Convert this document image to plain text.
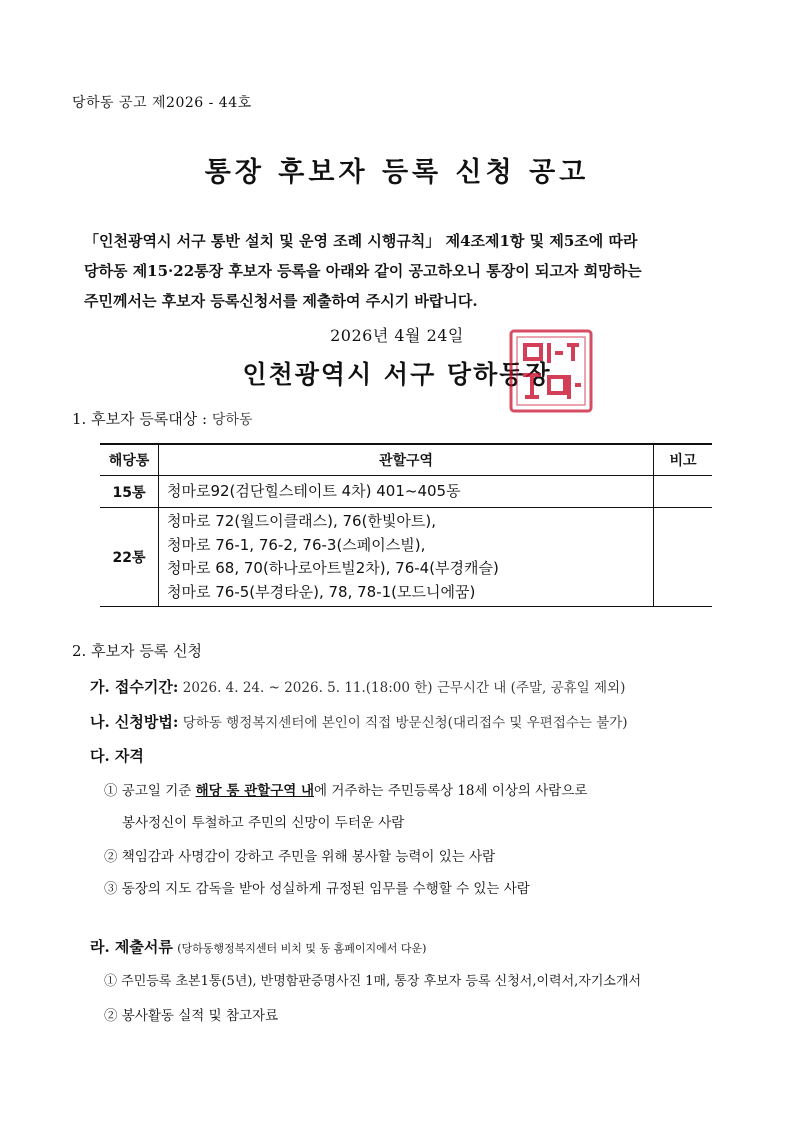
당하동 공고 제2026 - 44호
통장 후보자 등록 신청 공고
「인천광역시 서구 통반 설치 및 운영 조례 시행규칙」 제4조제1항 및 제5조에 따라
당하동 제15·22통장 후보자 등록을 아래와 같이 공고하오니 통장이 되고자 희망하는
주민께서는 후보자 등록신청서를 제출하여 주시기 바랍니다.
2026년 4월 24일
인천광역시 서구 당하동장
1. 후보자 등록대상 : 당하동
해당통	관할구역	비고
15통	청마로92(검단힐스테이트 4차) 401~405동	

22통	청마로 72(월드이클래스), 76(한빛아트),
청마로 76-1, 76-2, 76-3(스페이스빌),
청마로 68, 70(하나로아트빌2차), 76-4(부경캐슬)
청마로 76-5(부경타운), 78, 78-1(모드니에꿈)	

2. 후보자 등록 신청
가. 접수기간: 2026. 4. 24. ~ 2026. 5. 11.(18:00 한) 근무시간 내 (주말, 공휴일 제외)
나. 신청방법: 당하동 행정복지센터에 본인이 직접 방문신청(대리접수 및 우편접수는 불가)
다. 자격
① 공고일 기준 해당 통 관할구역 내에 거주하는 주민등록상 18세 이상의 사람으로
봉사정신이 투철하고 주민의 신망이 두터운 사람
② 책임감과 사명감이 강하고 주민을 위해 봉사할 능력이 있는 사람
③ 동장의 지도 감독을 받아 성실하게 규정된 임무를 수행할 수 있는 사람
라. 제출서류 (당하동행정복지센터 비치 및 동 홈페이지에서 다운)
① 주민등록 초본1통(5년), 반명함판증명사진 1매, 통장 후보자 등록 신청서,이력서,자기소개서
② 봉사활동 실적 및 참고자료
